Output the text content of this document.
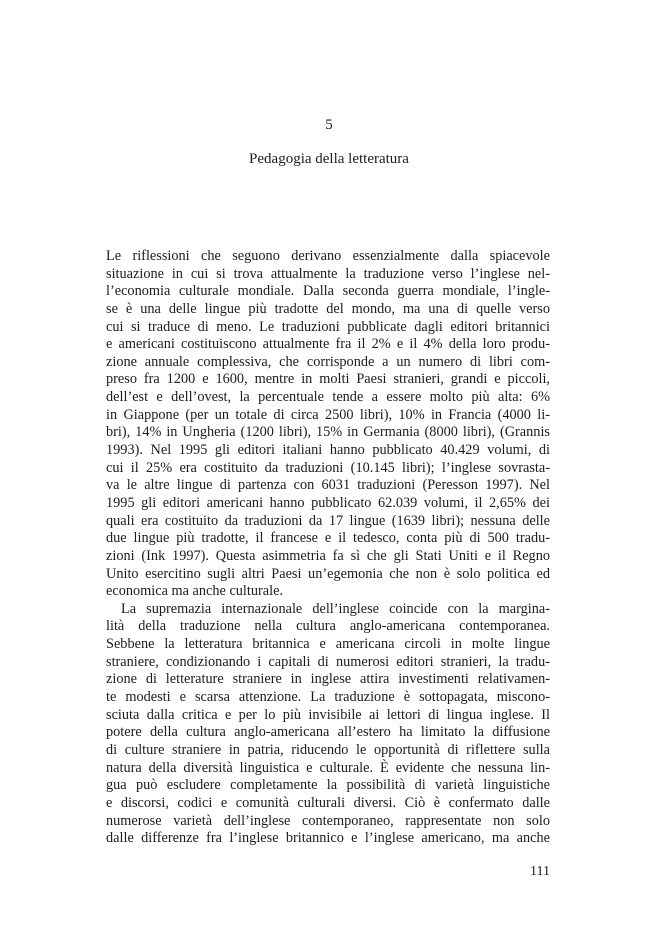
5
Pedagogia della letteratura
Le riflessioni che seguono derivano essenzialmente dalla spiacevole
situazione in cui si trova attualmente la traduzione verso l’inglese nel-
l’economia culturale mondiale. Dalla seconda guerra mondiale, l’ingle-
se è una delle lingue più tradotte del mondo, ma una di quelle verso
cui si traduce di meno. Le traduzioni pubblicate dagli editori britannici
e americani costituiscono attualmente fra il 2% e il 4% della loro produ-
zione annuale complessiva, che corrisponde a un numero di libri com-
preso fra 1200 e 1600, mentre in molti Paesi stranieri, grandi e piccoli,
dell’est e dell’ovest, la percentuale tende a essere molto più alta: 6%
in Giappone (per un totale di circa 2500 libri), 10% in Francia (4000 li-
bri), 14% in Ungheria (1200 libri), 15% in Germania (8000 libri), (Grannis
1993). Nel 1995 gli editori italiani hanno pubblicato 40.429 volumi, di
cui il 25% era costituito da traduzioni (10.145 libri); l’inglese sovrasta-
va le altre lingue di partenza con 6031 traduzioni (Peresson 1997). Nel
1995 gli editori americani hanno pubblicato 62.039 volumi, il 2,65% dei
quali era costituito da traduzioni da 17 lingue (1639 libri); nessuna delle
due lingue più tradotte, il francese e il tedesco, conta più di 500 tradu-
zioni (Ink 1997). Questa asimmetria fa sì che gli Stati Uniti e il Regno
Unito esercitino sugli altri Paesi un’egemonia che non è solo politica ed
economica ma anche culturale.
La supremazia internazionale dell’inglese coincide con la margina-
lità della traduzione nella cultura anglo-americana contemporanea.
Sebbene la letteratura britannica e americana circoli in molte lingue
straniere, condizionando i capitali di numerosi editori stranieri, la tradu-
zione di letterature straniere in inglese attira investimenti relativamen-
te modesti e scarsa attenzione. La traduzione è sottopagata, miscono-
sciuta dalla critica e per lo più invisibile ai lettori di lingua inglese. Il
potere della cultura anglo-americana all’estero ha limitato la diffusione
di culture straniere in patria, riducendo le opportunità di riflettere sulla
natura della diversità linguistica e culturale. È evidente che nessuna lin-
gua può escludere completamente la possibilità di varietà linguistiche
e discorsi, codici e comunità culturali diversi. Ciò è confermato dalle
numerose varietà dell’inglese contemporaneo, rappresentate non solo
dalle differenze fra l’inglese britannico e l’inglese americano, ma anche
111
